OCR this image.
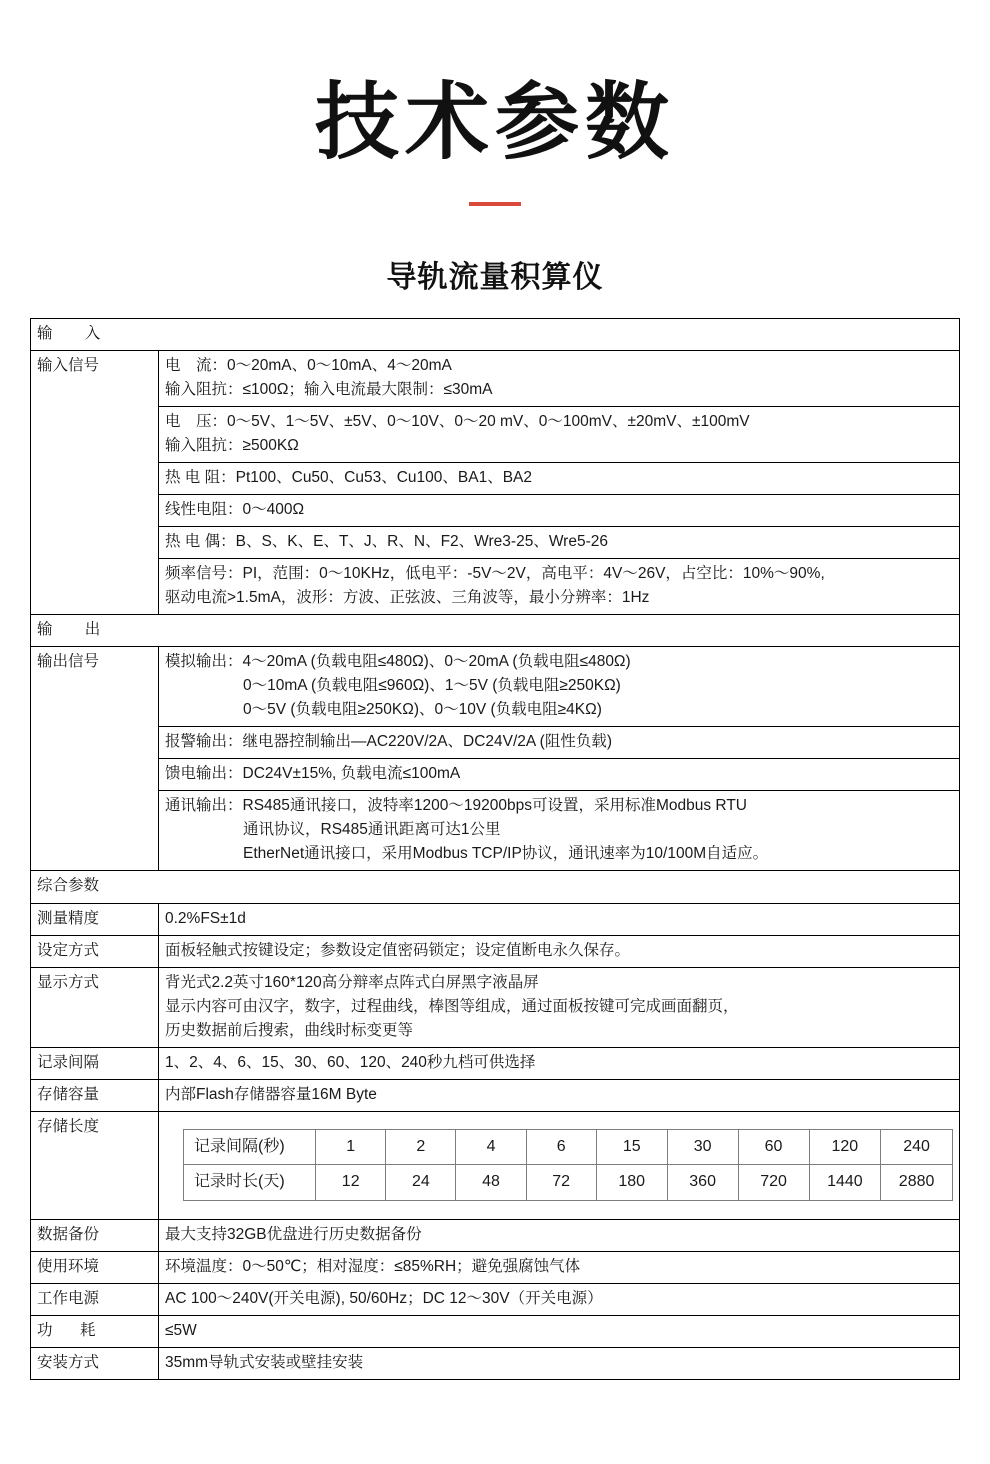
技术参数
导轨流量积算仪
输 入
输入信号	电　流：0～20mA、0～10mA、4～20mA
输入阻抗：≤100Ω；输入电流最大限制：≤30mA

电　压：0～5V、1～5V、±5V、0～10V、0～20 mV、0～100mV、±20mV、±100mV
输入阻抗：≥500KΩ

热 电 阻：Pt100、Cu50、Cu53、Cu100、BA1、BA2

线性电阻：0～400Ω

热 电 偶：B、S、K、E、T、J、R、N、F2、Wre3-25、Wre5-26

频率信号：PI，范围：0～10KHz，低电平：-5V～2V，高电平：4V～26V，占空比：10%～90%,
驱动电流>1.5mA，波形：方波、正弦波、三角波等，最小分辨率：1Hz

输 出
输出信号	模拟输出：4～20mA (负载电阻≤480Ω)、0～20mA (负载电阻≤480Ω)
0～10mA (负载电阻≤960Ω)、1～5V (负载电阻≥250KΩ)
0～5V (负载电阻≥250KΩ)、0～10V (负载电阻≥4KΩ)

报警输出：继电器控制输出—AC220V/2A、DC24V/2A (阻性负载)

馈电输出：DC24V±15%, 负载电流≤100mA

通讯输出：RS485通讯接口，波特率1200～19200bps可设置，采用标准Modbus RTU
通讯协议，RS485通讯距离可达1公里
EtherNet通讯接口，采用Modbus TCP/IP协议，通讯速率为10/100M自适应。

综合参数
测量精度	0.2%FS±1d

设定方式	面板轻触式按键设定；参数设定值密码锁定；设定值断电永久保存。

显示方式	背光式2.2英寸160*120高分辩率点阵式白屏黑字液晶屏
显示内容可由汉字，数字，过程曲线，棒图等组成，通过面板按键可完成画面翻页，
历史数据前后搜索，曲线时标变更等

记录间隔	1、2、4、6、15、30、60、120、240秒九档可供选择

存储容量	内部Flash存储器容量16M Byte

存储长度	
记录间隔(秒)	1	2	4	6	15	30	60	120	240
记录时长(天)	12	24	48	72	180	360	720	1440	2880

数据备份	最大支持32GB优盘进行历史数据备份

使用环境	环境温度：0～50℃；相对湿度：≤85%RH；避免强腐蚀气体

工作电源	AC 100～240V(开关电源), 50/60Hz；DC 12～30V（开关电源）

功　耗	≤5W

安装方式	35mm导轨式安装或壁挂安装
